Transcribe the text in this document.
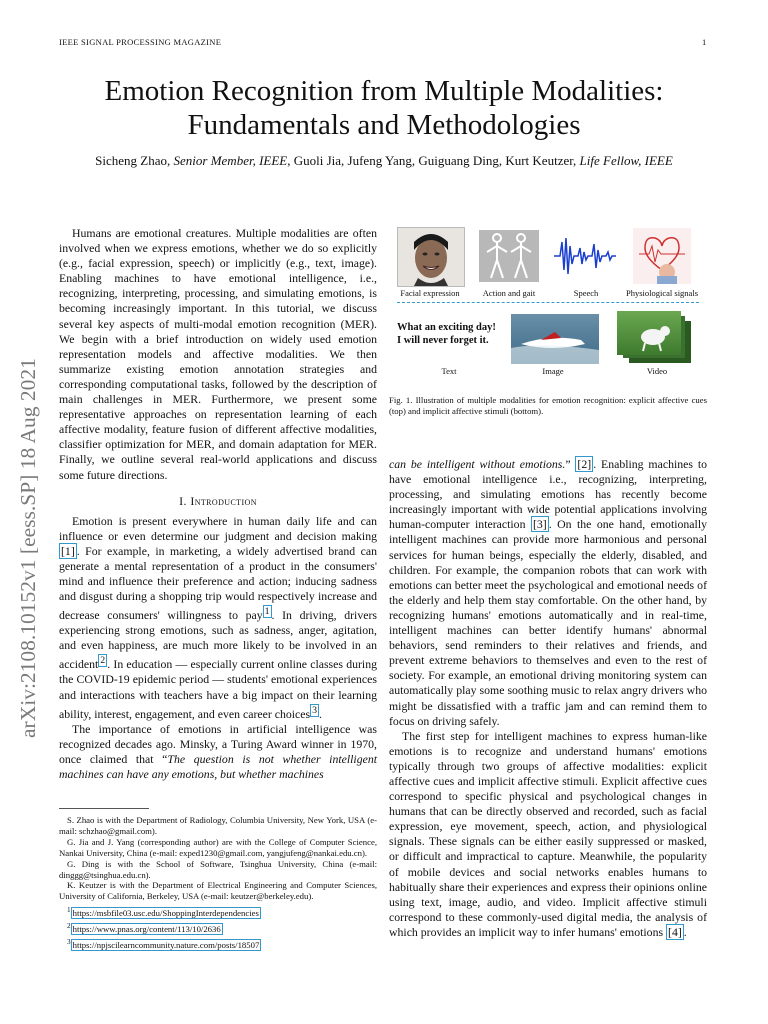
IEEE SIGNAL PROCESSING MAGAZINE	1
Emotion Recognition from Multiple Modalities:
Fundamentals and Methodologies
Sicheng Zhao, Senior Member, IEEE, Guoli Jia, Jufeng Yang, Guiguang Ding, Kurt Keutzer, Life Fellow, IEEE
arXiv:2108.10152v1 [eess.SP] 18 Aug 2021

Humans are emotional creatures. Multiple modalities are often involved when we express emotions, whether we do so explicitly (e.g., facial expression, speech) or implicitly (e.g., text, image). Enabling machines to have emotional intelligence, i.e., recognizing, interpreting, processing, and simulating emotions, is becoming increasingly important. In this tutorial, we discuss several key aspects of multi-modal emotion recognition (MER). We begin with a brief introduction on widely used emotion representation models and affective modalities. We then summarize existing emotion annotation strategies and corresponding computational tasks, followed by the description of main challenges in MER. Furthermore, we present some representative approaches on representation learning of each affective modality, feature fusion of different affective modalities, classifier optimization for MER, and domain adaptation for MER. Finally, we outline several real-world applications and discuss some future directions.

I. Introduction

Emotion is present everywhere in human daily life and can influence or even determine our judgment and decision making [1] . For example, in marketing, a widely advertised brand can generate a mental representation of a product in the consumers' mind and influence their preference and action; inducing sadness and disgust during a shopping trip would respectively increase and decrease consumers' willingness to pay $^1$ . In driving, drivers experiencing strong emotions, such as sadness, anger, agitation, and even happiness, are much more likely to be involved in an accident $^2$ . In education — especially current online classes during the COVID-19 epidemic period — students' emotional experiences and interactions with teachers have a big impact on their learning ability, interest, engagement, and even career choices $^3$ .

The importance of emotions in artificial intelligence was recognized decades ago. Minsky, a Turing Award winner in 1970, once claimed that “The question is not whether intelligent machines can have any emotions, but whether machines

S. Zhao is with the Department of Radiology, Columbia University, New York, USA (e-mail: schzhao@gmail.com).

G. Jia and J. Yang (corresponding author) are with the College of Computer Science, Nankai University, China (e-mail: exped1230@gmail.com, yangjufeng@nankai.edu.cn).

G. Ding is with the School of Software, Tsinghua University, China (e-mail: dinggg@tsinghua.edu.cn).

K. Keutzer is with the Department of Electrical Engineering and Computer Sciences, University of California, Berkeley, USA (e-mail: keutzer@berkeley.edu).

$^1$ https://msbfile03.usc.edu/ShoppingInterdependencies
$^2$ https://www.pnas.org/content/113/10/2636
$^3$ https://npjscilearncommunity.nature.com/posts/18507
Facial expression	Action and gait	Speech	Physiological signals
What an exciting day!
I will never forget it.
Text	Image	Video
Fig. 1. Illustration of multiple modalities for emotion recognition: explicit affective cues (top) and implicit affective stimuli (bottom).

can be intelligent without emotions.” [2] . Enabling machines to have emotional intelligence i.e., recognizing, interpreting, processing, and simulating emotions has recently become increasingly important with wide potential applications involving human-computer interaction [3] . On the one hand, emotionally intelligent machines can provide more harmonious and personal services for human beings, especially the elderly, disabled, and children. For example, the companion robots that can work with emotions can better meet the psychological and emotional needs of the elderly and help them stay comfortable. On the other hand, by recognizing humans' emotions automatically and in real-time, intelligent machines can better identify humans' abnormal behaviors, send reminders to their relatives and friends, and prevent extreme behaviors to themselves and even to the rest of society. For example, an emotional driving monitoring system can automatically play some soothing music to relax angry drivers who might be dissatisfied with a traffic jam and can remind them to focus on driving safely.

The first step for intelligent machines to express human-like emotions is to recognize and understand humans' emotions typically through two groups of affective modalities: explicit affective cues and implicit affective stimuli. Explicit affective cues correspond to specific physical and psychological changes in humans that can be directly observed and recorded, such as facial expression, eye movement, speech, action, and physiological signals. These signals can be either easily suppressed or masked, or difficult and impractical to capture. Meanwhile, the popularity of mobile devices and social networks enables humans to habitually share their experiences and express their opinions online using text, image, audio, and video. Implicit affective stimuli correspond to these commonly-used digital media, the analysis of which provides an implicit way to infer humans' emotions [4] .
